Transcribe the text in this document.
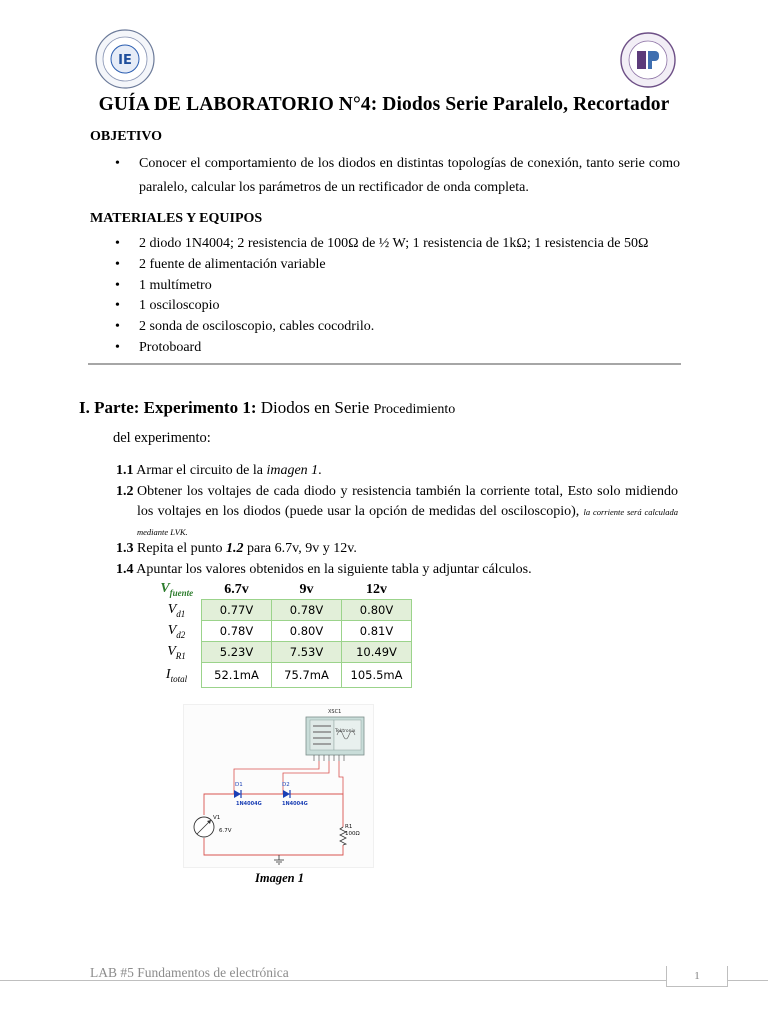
IE
GUÍA DE LABORATORIO N°4: Diodos Serie Paralelo, Recortador
OBJETIVO
• Conocer el comportamiento de los diodos en distintas topologías de conexión, tanto serie como paralelo, calcular los parámetros de un rectificador de onda completa.
MATERIALES Y EQUIPOS
• 2 diodo 1N4004; 2 resistencia de 100Ω de ½ W; 1 resistencia de 1kΩ; 1 resistencia de 50Ω
• 2 fuente de alimentación variable
• 1 multímetro
• 1 osciloscopio
• 2 sonda de osciloscopio, cables cocodrilo.
• Protoboard
I. Parte: Experimento 1: Diodos en Serie Procedimiento
del experimento:
1.1 Armar el circuito de la imagen 1.
1.2 Obtener los voltajes de cada diodo y resistencia también la corriente total, Esto solo midiendo los voltajes en los diodos (puede usar la opción de medidas del osciloscopio), la corriente será calculada mediante LVK.
1.3 Repita el punto 1.2 para 6.7v, 9v y 12v.
1.4 Apuntar los valores obtenidos en la siguiente tabla y adjuntar cálculos.
$V_{fuente}$	6.7v	9v	12v
$V_{d1}$	0.77V	0.78V	0.80V
$V_{d2}$	0.78V	0.80V	0.81V
$V_{R1}$	5.23V	7.53V	10.49V
$I_{total}$	52.1mA	75.7mA	105.5mA
XSC1
Tektronix
D1
1N4004G
D2
1N4004G
V1
6.7V
R1
100Ω
Imagen 1
LAB #5 Fundamentos de electrónica	1
